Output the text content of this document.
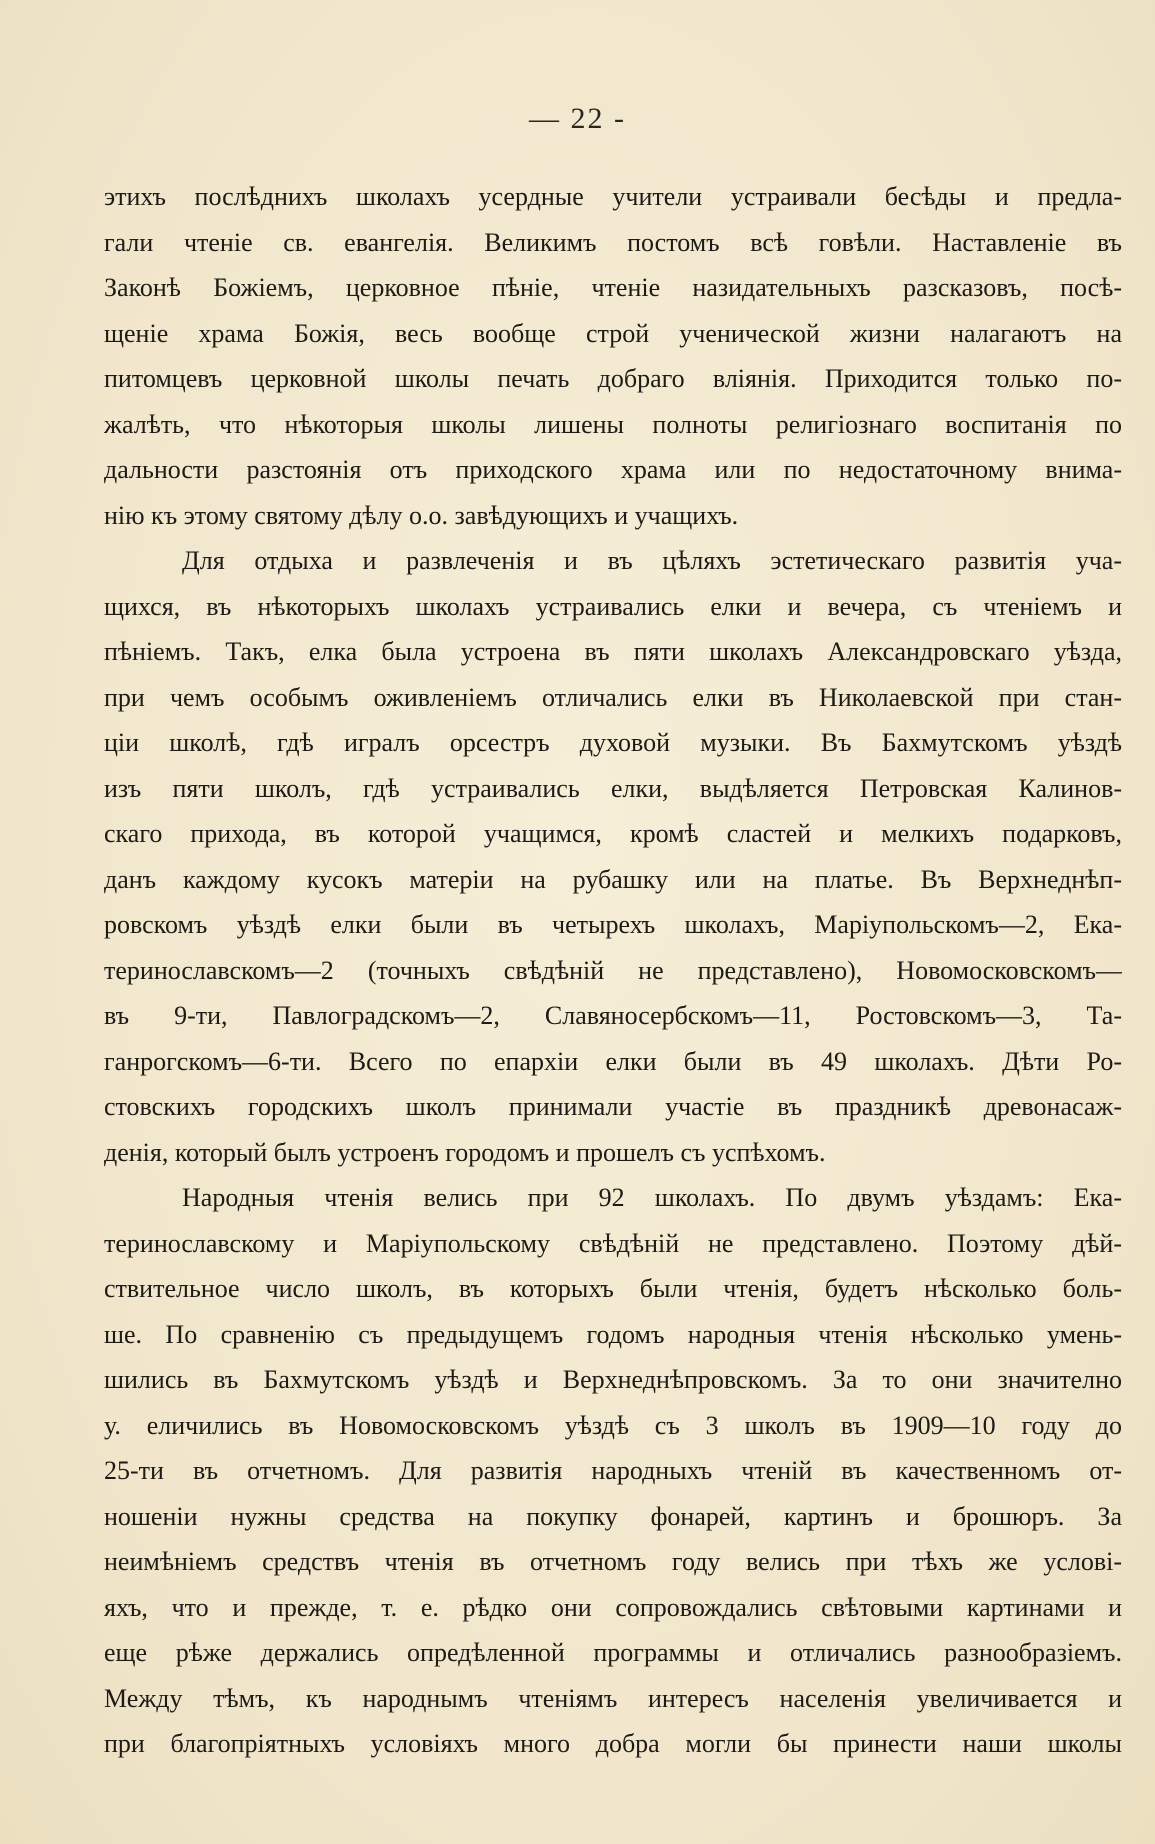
— 22 -
этихъ послѣднихъ школахъ усердные учители устраивали бесѣды и предла-
гали чтеніе св. евангелія. Великимъ постомъ всѣ говѣли. Наставленіе въ
Законѣ Божіемъ, церковное пѣніе, чтеніе назидательныхъ разсказовъ, посѣ-
щеніе храма Божія, весь вообще строй ученической жизни налагаютъ на
питомцевъ церковной школы печать добраго вліянія. Приходится только по-
жалѣть, что нѣкоторыя школы лишены полноты религіознаго воспитанія по
дальности разстоянія отъ приходского храма или по недостаточному внима-
нію къ этому святому дѣлу о.о. завѣдующихъ и учащихъ.
Для отдыха и развлеченія и въ цѣляхъ эстетическаго развитія уча-
щихся, въ нѣкоторыхъ школахъ устраивались елки и вечера, съ чтеніемъ и
пѣніемъ. Такъ, елка была устроена въ пяти школахъ Александровскаго уѣзда,
при чемъ особымъ оживленіемъ отличались елки въ Николаевской при стан-
ціи школѣ, гдѣ игралъ орсестръ духовой музыки. Въ Бахмутскомъ уѣздѣ
изъ пяти школъ, гдѣ устраивались елки, выдѣляется Петровская Калинов-
скаго прихода, въ которой учащимся, кромѣ сластей и мелкихъ подарковъ,
данъ каждому кусокъ матеріи на рубашку или на платье. Въ Верхнеднѣп-
ровскомъ уѣздѣ елки были въ четырехъ школахъ, Маріупольскомъ—2, Ека-
теринославскомъ—2 (точныхъ свѣдѣній не представлено), Новомосковскомъ—
въ 9-ти, Павлоградскомъ—2, Славяносербскомъ—11, Ростовскомъ—3, Та-
ганрогскомъ—6-ти. Всего по епархіи елки были въ 49 школахъ. Дѣти Ро-
стовскихъ городскихъ школъ принимали участіе въ праздникѣ древонасаж-
денія, который былъ устроенъ городомъ и прошелъ съ успѣхомъ.
Народныя чтенія велись при 92 школахъ. По двумъ уѣздамъ: Ека-
теринославскому и Маріупольскому свѣдѣній не представлено. Поэтому дѣй-
ствительное число школъ, въ которыхъ были чтенія, будетъ нѣсколько боль-
ше. По сравненію съ предыдущемъ годомъ народныя чтенія нѣсколько умень-
шились въ Бахмутскомъ уѣздѣ и Верхнеднѣпровскомъ. За то они значително
у. еличились въ Новомосковскомъ уѣздѣ съ 3 школъ въ 1909—10 году до
25-ти въ отчетномъ. Для развитія народныхъ чтеній въ качественномъ от-
ношеніи нужны средства на покупку фонарей, картинъ и брошюръ. За
неимѣніемъ средствъ чтенія въ отчетномъ году велись при тѣхъ же услові-
яхъ, что и прежде, т. е. рѣдко они сопровождались свѣтовыми картинами и
еще рѣже держались опредѣленной программы и отличались разнообразіемъ.
Между тѣмъ, къ народнымъ чтеніямъ интересъ населенія увеличивается и
при благопріятныхъ условіяхъ много добра могли бы принести наши школы
